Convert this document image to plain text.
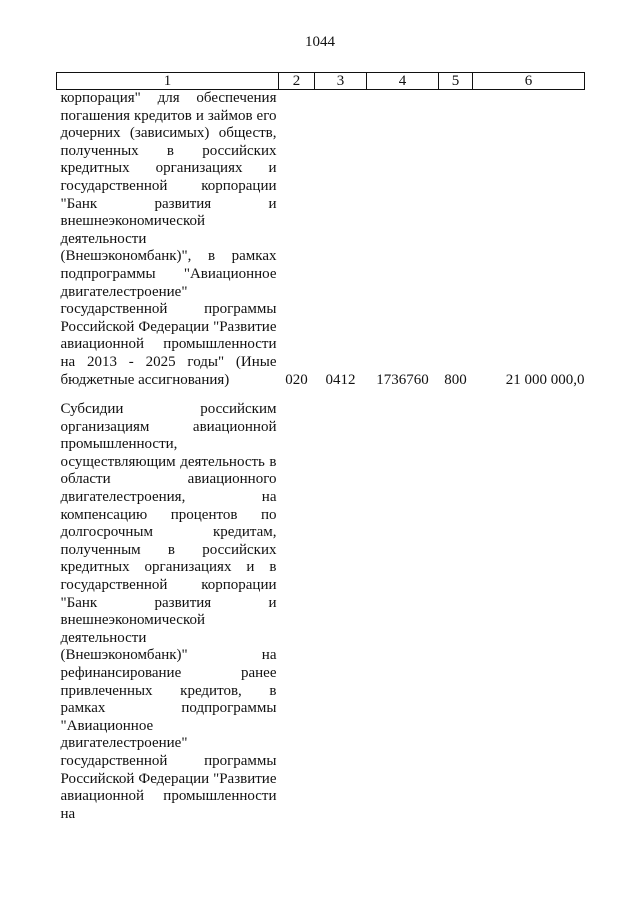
1044
1	2	3	4	5	6
корпорация" для обеспечения погашения кредитов и займов его дочерних (зависимых) обществ, полученных в российских кредитных организациях и государственной корпорации "Банк развития и внешнеэкономической деятельности (Внешэкономбанк)", в рамках подпрограммы "Авиационное двигателестроение" государственной программы Российской Федерации "Развитие авиационной промышленности на 2013 - 2025 годы" (Иные бюджетные ассигнования)	020	0412	1736760	800	21 000 000,0
Субсидии российским организациям авиационной промышленности, осуществляющим деятельность в области авиационного двигателестроения, на компенсацию процентов по долгосрочным кредитам, полученным в российских кредитных организациях и в государственной корпорации "Банк развития и внешнеэкономической деятельности (Внешэкономбанк)" на рефинансирование ранее привлеченных кредитов, в рамках подпрограммы "Авиационное двигателестроение" государственной программы Российской Федерации "Развитие авиационной промышленности на					
